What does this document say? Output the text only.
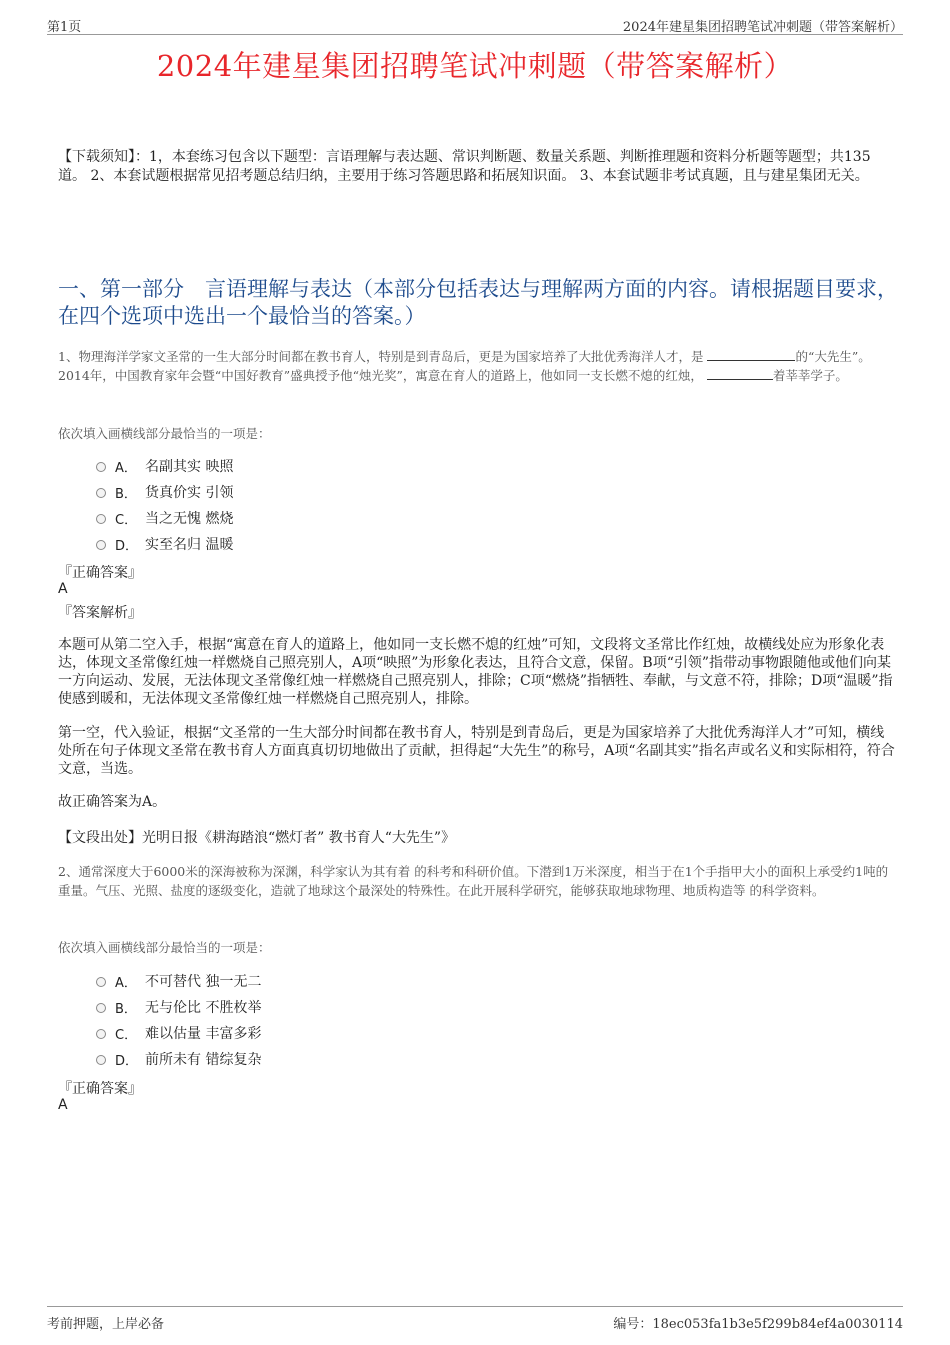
第1页	2024年建星集团招聘笔试冲刺题（带答案解析）
2024年建星集团招聘笔试冲刺题（带答案解析）
【下载须知】：1，本套练习包含以下题型：言语理解与表达题、常识判断题、数量关系题、判断推理题和资料分析题等题型；共135道。 2、本套试题根据常见招考题总结归纳，主要用于练习答题思路和拓展知识面。 3、本套试题非考试真题，且与建星集团无关。
一、第一部分　言语理解与表达（本部分包括表达与理解两方面的内容。请根据题目要求，在四个选项中选出一个最恰当的答案。）
1、物理海洋学家文圣常的一生大部分时间都在教书育人，特别是到青岛后，更是为国家培养了大批优秀海洋人才，是	的“大先生”。2014年，中国教育家年会暨“中国好教育”盛典授予他“烛光奖”，寓意在育人的道路上，他如同一支长燃不熄的红烛，	着莘莘学子。
依次填入画横线部分最恰当的一项是：
A． 名副其实 映照
B． 货真价实 引领
C． 当之无愧 燃烧
D． 实至名归 温暖
『正确答案』
A
『答案解析』
本题可从第二空入手，根据“寓意在育人的道路上，他如同一支长燃不熄的红烛”可知，文段将文圣常比作红烛，故横线处应为形象化表达，体现文圣常像红烛一样燃烧自己照亮别人，A项“映照”为形象化表达，且符合文意，保留。B项“引领”指带动事物跟随他或他们向某一方向运动、发展，无法体现文圣常像红烛一样燃烧自己照亮别人，排除；C项“燃烧”指牺牲、奉献，与文意不符，排除；D项“温暖”指使感到暖和，无法体现文圣常像红烛一样燃烧自己照亮别人，排除。
第一空，代入验证，根据“文圣常的一生大部分时间都在教书育人，特别是到青岛后，更是为国家培养了大批优秀海洋人才”可知，横线处所在句子体现文圣常在教书育人方面真真切切地做出了贡献，担得起“大先生”的称号，A项“名副其实”指名声或名义和实际相符，符合文意，当选。
故正确答案为A。
【文段出处】光明日报《耕海踏浪“燃灯者” 教书育人“大先生”》
2、通常深度大于6000米的深海被称为深渊，科学家认为其有着 的科考和科研价值。下潜到1万米深度，相当于在1个手指甲大小的面积上承受约1吨的重量。气压、光照、盐度的逐级变化，造就了地球这个最深处的特殊性。在此开展科学研究，能够获取地球物理、地质构造等 的科学资料。
依次填入画横线部分最恰当的一项是：
A． 不可替代 独一无二
B． 无与伦比 不胜枚举
C． 难以估量 丰富多彩
D． 前所未有 错综复杂
『正确答案』
A
考前押题，上岸必备	编号：18ec053fa1b3e5f299b84ef4a0030114
